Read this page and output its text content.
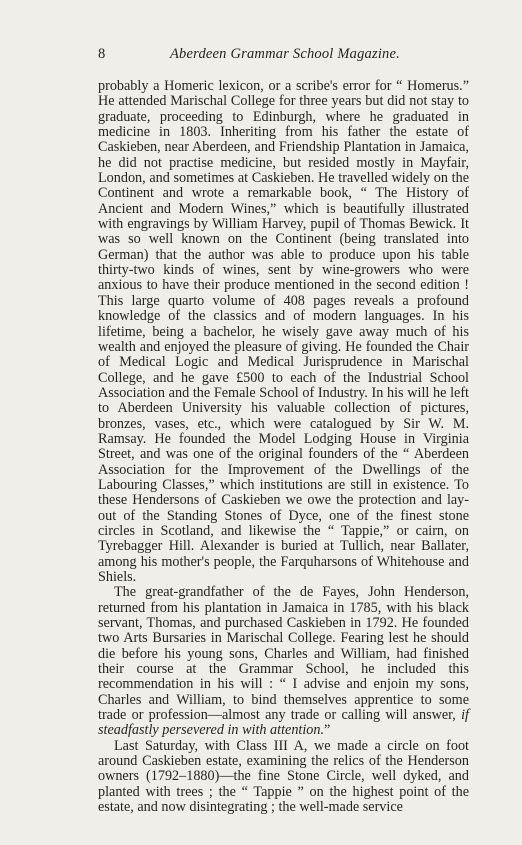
8	Aberdeen Grammar School Magazine.

probably a Homeric lexicon, or a scribe's error for “ Homerus.” He attended Marischal College for three years but did not stay to graduate, proceeding to Edinburgh, where he graduated in medicine in 1803. Inheriting from his father the estate of Caskieben, near Aberdeen, and Friendship Plantation in Jamaica, he did not practise medicine, but resided mostly in Mayfair, London, and sometimes at Caskieben. He travelled widely on the Continent and wrote a remarkable book, “ The History of Ancient and Modern Wines,” which is beautifully illustrated with engravings by William Harvey, pupil of Thomas Bewick. It was so well known on the Continent (being translated into German) that the author was able to produce upon his table thirty-two kinds of wines, sent by wine-growers who were anxious to have their produce mentioned in the second edition ! This large quarto volume of 408 pages reveals a profound knowledge of the classics and of modern languages. In his lifetime, being a bachelor, he wisely gave away much of his wealth and enjoyed the pleasure of giving. He founded the Chair of Medical Logic and Medical Jurisprudence in Marischal College, and he gave £500 to each of the Industrial School Association and the Female School of Industry. In his will he left to Aberdeen University his valuable collection of pictures, bronzes, vases, etc., which were catalogued by Sir W. M. Ramsay. He founded the Model Lodging House in Virginia Street, and was one of the original founders of the “ Aberdeen Association for the Improvement of the Dwellings of the Labouring Classes,” which institutions are still in existence. To these Hendersons of Caskieben we owe the protection and lay-out of the Standing Stones of Dyce, one of the finest stone circles in Scotland, and likewise the “ Tappie,” or cairn, on Tyrebagger Hill. Alexander is buried at Tullich, near Ballater, among his mother's people, the Farquharsons of Whitehouse and Shiels.

The great-grandfather of the de Fayes, John Henderson, returned from his plantation in Jamaica in 1785, with his black servant, Thomas, and purchased Caskieben in 1792. He founded two Arts Bursaries in Marischal College. Fearing lest he should die before his young sons, Charles and William, had finished their course at the Grammar School, he included this recommendation in his will : “ I advise and enjoin my sons, Charles and William, to bind themselves apprentice to some trade or profession—almost any trade or calling will answer, if steadfastly persevered in with attention.”

Last Saturday, with Class III A, we made a circle on foot around Caskieben estate, examining the relics of the Henderson owners (1792–1880)—the fine Stone Circle, well dyked, and planted with trees ; the “ Tappie ” on the highest point of the estate, and now disintegrating ; the well-made service
